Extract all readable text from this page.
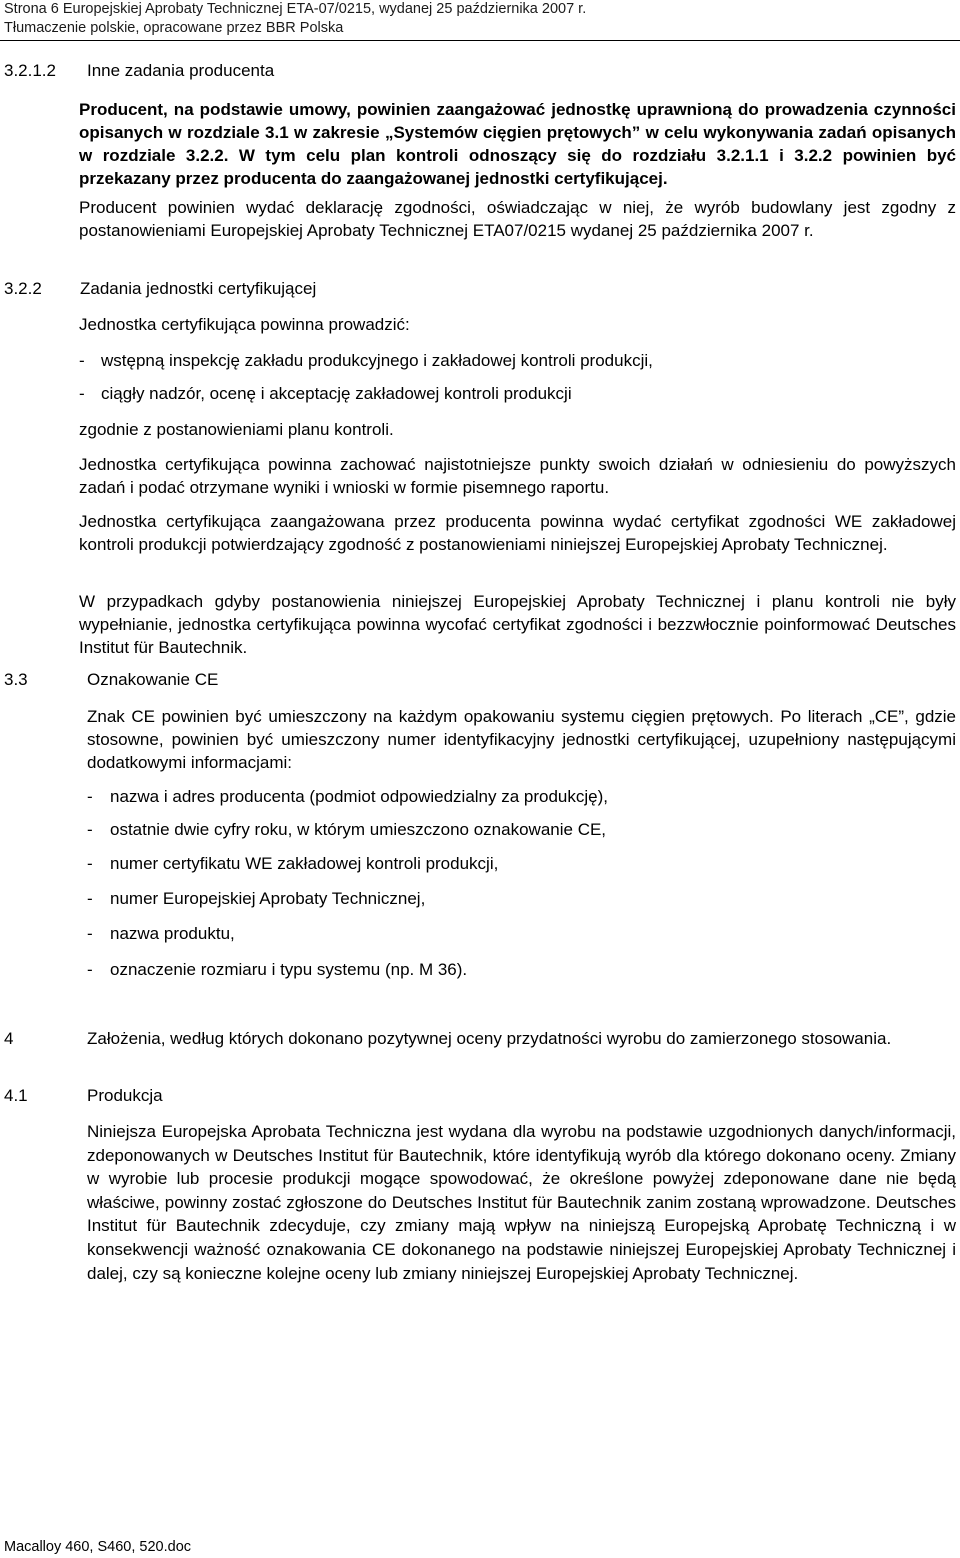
Strona 6 Europejskiej Aprobaty Technicznej ETA-07/0215, wydanej 25 października 2007 r.
Tłumaczenie polskie, opracowane przez BBR Polska
3.2.1.2 Inne zadania producenta
Producent, na podstawie umowy, powinien zaangażować jednostkę uprawnioną do prowadzenia czynności opisanych w rozdziale 3.1 w zakresie „Systemów cięgien prętowych” w celu wykonywania zadań opisanych w rozdziale 3.2.2. W tym celu plan kontroli odnoszący się do rozdziału 3.2.1.1 i 3.2.2 powinien być przekazany przez producenta do zaangażowanej jednostki certyfikującej.
Producent powinien wydać deklarację zgodności, oświadczając w niej, że wyrób budowlany jest zgodny z postanowieniami Europejskiej Aprobaty Technicznej ETA07/0215 wydanej 25 października 2007 r.
3.2.2 Zadania jednostki certyfikującej
Jednostka certyfikująca powinna prowadzić:
- wstępną inspekcję zakładu produkcyjnego i zakładowej kontroli produkcji,
- ciągły nadzór, ocenę i akceptację zakładowej kontroli produkcji
zgodnie z postanowieniami planu kontroli.
Jednostka certyfikująca powinna zachować najistotniejsze punkty swoich działań w odniesieniu do powyższych zadań i podać otrzymane wyniki i wnioski w formie pisemnego raportu.
Jednostka certyfikująca zaangażowana przez producenta powinna wydać certyfikat zgodności WE zakładowej kontroli produkcji potwierdzający zgodność z postanowieniami niniejszej Europejskiej Aprobaty Technicznej.
W przypadkach gdyby postanowienia niniejszej Europejskiej Aprobaty Technicznej i planu kontroli nie były wypełnianie, jednostka certyfikująca powinna wycofać certyfikat zgodności i bezzwłocznie poinformować Deutsches Institut für Bautechnik.
3.3	Oznakowanie CE
Znak CE powinien być umieszczony na każdym opakowaniu systemu cięgien prętowych. Po literach „CE”, gdzie stosowne, powinien być umieszczony numer identyfikacyjny jednostki certyfikującej, uzupełniony następującymi dodatkowymi informacjami:
- nazwa i adres producenta (podmiot odpowiedzialny za produkcję),
- ostatnie dwie cyfry roku, w którym umieszczono oznakowanie CE,
- numer certyfikatu WE zakładowej kontroli produkcji,
- numer Europejskiej Aprobaty Technicznej,
- nazwa produktu,
- oznaczenie rozmiaru i typu systemu (np. M 36).
4	Założenia, według których dokonano pozytywnej oceny przydatności wyrobu do zamierzonego stosowania.
4.1	Produkcja
Niniejsza Europejska Aprobata Techniczna jest wydana dla wyrobu na podstawie uzgodnionych danych/informacji, zdeponowanych w Deutsches Institut für Bautechnik, które identyfikują wyrób dla którego dokonano oceny. Zmiany w wyrobie lub procesie produkcji mogące spowodować, że określone powyżej zdeponowane dane nie będą właściwe, powinny zostać zgłoszone do Deutsches Institut für Bautechnik zanim zostaną wprowadzone. Deutsches Institut für Bautechnik zdecyduje, czy zmiany mają wpływ na niniejszą Europejską Aprobatę Techniczną i w konsekwencji ważność oznakowania CE dokonanego na podstawie niniejszej Europejskiej Aprobaty Technicznej i dalej, czy są konieczne kolejne oceny lub zmiany niniejszej Europejskiej Aprobaty Technicznej.
Macalloy 460, S460, 520.doc
